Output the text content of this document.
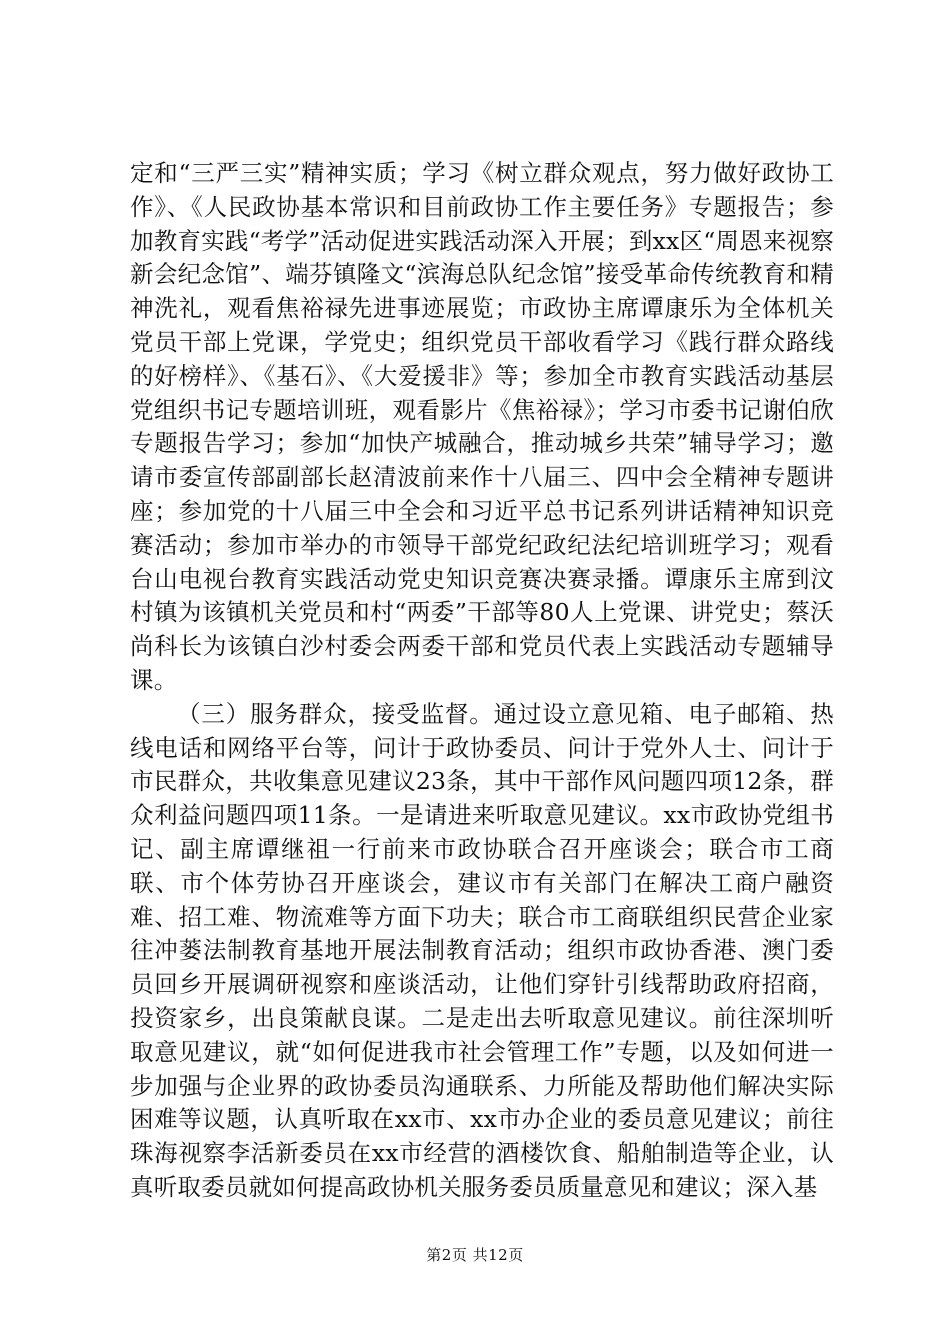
定和“三严三实”精神实质；学习《树立群众观点，努力做好政协工作》、《人民政协基本常识和目前政协工作主要任务》专题报告；参加教育实践“考学”活动促进实践活动深入开展；到xx区“周恩来视察新会纪念馆”、端芬镇隆文“滨海总队纪念馆”接受革命传统教育和精神洗礼，观看焦裕禄先进事迹展览；市政协主席谭康乐为全体机关党员干部上党课，学党史；组织党员干部收看学习《践行群众路线的好榜样》、《基石》、《大爱援非》等；参加全市教育实践活动基层党组织书记专题培训班，观看影片《焦裕禄》；学习市委书记谢伯欣专题报告学习；参加“加快产城融合，推动城乡共荣”辅导学习；邀请市委宣传部副部长赵清波前来作十八届三、四中会全精神专题讲座；参加党的十八届三中全会和习近平总书记系列讲话精神知识竞赛活动；参加市举办的市领导干部党纪政纪法纪培训班学习；观看台山电视台教育实践活动党史知识竞赛决赛录播。谭康乐主席到汶村镇为该镇机关党员和村“两委”干部等80人上党课、讲党史；蔡沃尚科长为该镇白沙村委会两委干部和党员代表上实践活动专题辅导课。

（三）服务群众，接受监督。通过设立意见箱、电子邮箱、热线电话和网络平台等，问计于政协委员、问计于党外人士、问计于市民群众，共收集意见建议23条，其中干部作风问题四项12条，群众利益问题四项11条。一是请进来听取意见建议。xx市政协党组书记、副主席谭继祖一行前来市政协联合召开座谈会；联合市工商联、市个体劳协召开座谈会，建议市有关部门在解决工商户融资难、招工难、物流难等方面下功夫；联合市工商联组织民营企业家往冲蒌法制教育基地开展法制教育活动；组织市政协香港、澳门委员回乡开展调研视察和座谈活动，让他们穿针引线帮助政府招商，投资家乡，出良策献良谋。二是走出去听取意见建议。前往深圳听取意见建议，就“如何促进我市社会管理工作”专题，以及如何进一步加强与企业界的政协委员沟通联系、力所能及帮助他们解决实际困难等议题，认真听取在xx市、xx市办企业的委员意见建议；前往珠海视察李活新委员在xx市经营的酒楼饮食、船舶制造等企业，认真听取委员就如何提高政协机关服务委员质量意见和建议；深入基

第2页 共12页
